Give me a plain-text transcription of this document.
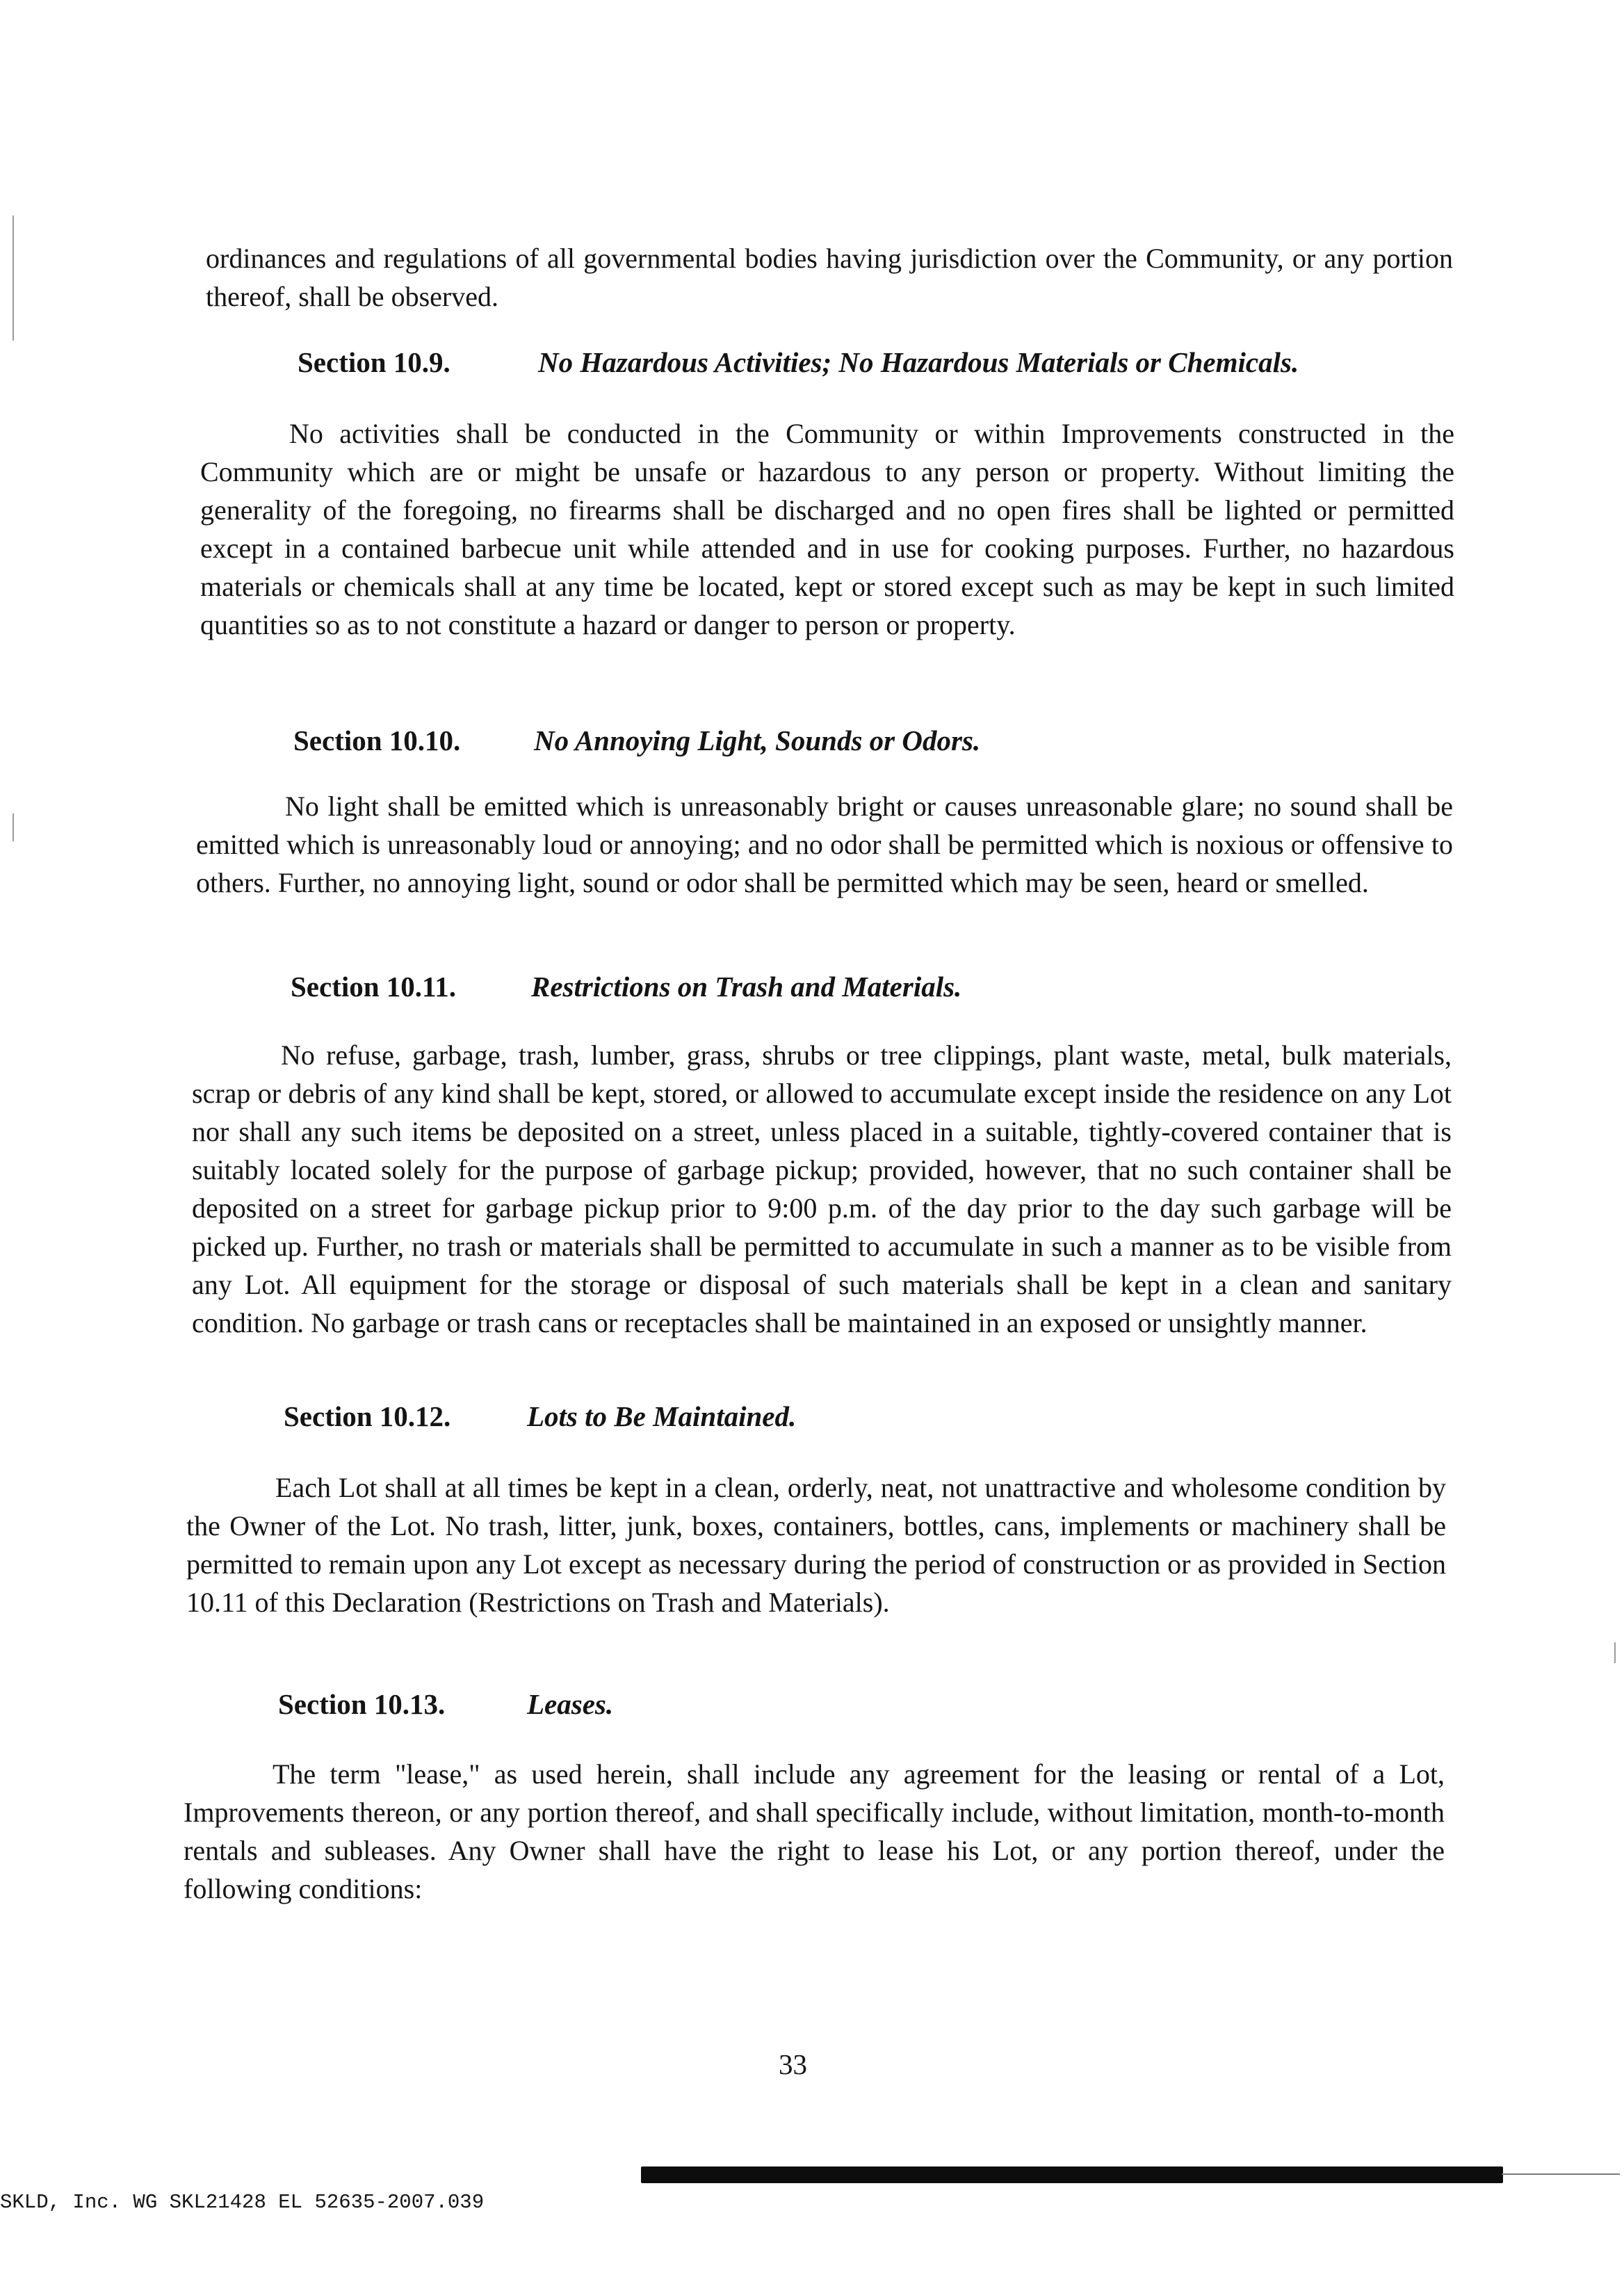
ordinances and regulations of all governmental bodies having jurisdiction over the Community, or any portion thereof, shall be observed.

Section 10.9.	No Hazardous Activities; No Hazardous Materials or Chemicals.

No activities shall be conducted in the Community or within Improvements constructed in the Community which are or might be unsafe or hazardous to any person or property. Without limiting the generality of the foregoing, no firearms shall be discharged and no open fires shall be lighted or permitted except in a contained barbecue unit while attended and in use for cooking purposes. Further, no hazardous materials or chemicals shall at any time be located, kept or stored except such as may be kept in such limited quantities so as to not constitute a hazard or danger to person or property.

Section 10.10.	No Annoying Light, Sounds or Odors.

No light shall be emitted which is unreasonably bright or causes unreasonable glare; no sound shall be emitted which is unreasonably loud or annoying; and no odor shall be permitted which is noxious or offensive to others. Further, no annoying light, sound or odor shall be permitted which may be seen, heard or smelled.

Section 10.11.	Restrictions on Trash and Materials.

No refuse, garbage, trash, lumber, grass, shrubs or tree clippings, plant waste, metal, bulk materials, scrap or debris of any kind shall be kept, stored, or allowed to accumulate except inside the residence on any Lot nor shall any such items be deposited on a street, unless placed in a suitable, tightly-covered container that is suitably located solely for the purpose of garbage pickup; provided, however, that no such container shall be deposited on a street for garbage pickup prior to 9:00 p.m. of the day prior to the day such garbage will be picked up. Further, no trash or materials shall be permitted to accumulate in such a manner as to be visible from any Lot. All equipment for the storage or disposal of such materials shall be kept in a clean and sanitary condition. No garbage or trash cans or receptacles shall be maintained in an exposed or unsightly manner.

Section 10.12.	Lots to Be Maintained.

Each Lot shall at all times be kept in a clean, orderly, neat, not unattractive and wholesome condition by the Owner of the Lot. No trash, litter, junk, boxes, containers, bottles, cans, implements or machinery shall be permitted to remain upon any Lot except as necessary during the period of construction or as provided in Section 10.11 of this Declaration (Restrictions on Trash and Materials).

Section 10.13.	Leases.

The term "lease," as used herein, shall include any agreement for the leasing or rental of a Lot, Improvements thereon, or any portion thereof, and shall specifically include, without limitation, month-to-month rentals and subleases. Any Owner shall have the right to lease his Lot, or any portion thereof, under the following conditions:

33
SKLD, Inc. WG SKL21428 EL 52635-2007.039
